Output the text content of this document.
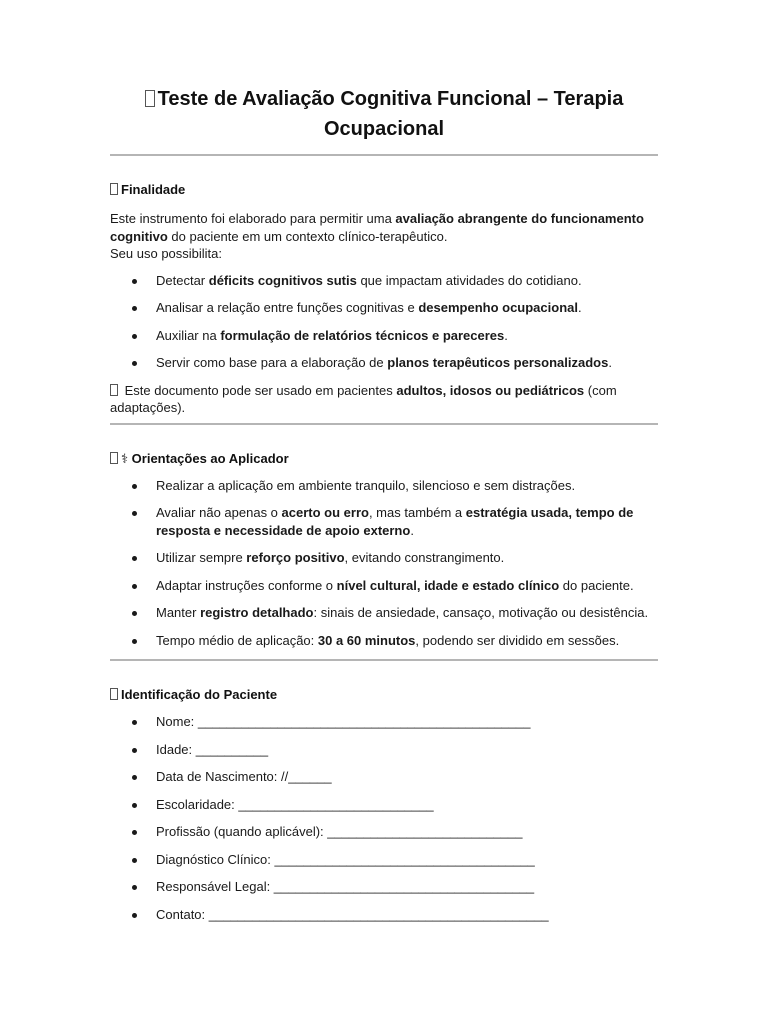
Teste de Avaliação Cognitiva Funcional – Terapia Ocupacional
Finalidade

Este instrumento foi elaborado para permitir uma avaliação abrangente do funcionamento cognitivo do paciente em um contexto clínico-terapêutico.
Seu uso possibilita:

Detectar déficits cognitivos sutis que impactam atividades do cotidiano.
Analisar a relação entre funções cognitivas e desempenho ocupacional.
Auxiliar na formulação de relatórios técnicos e pareceres.
Servir como base para a elaboração de planos terapêuticos personalizados.

Este documento pode ser usado em pacientes adultos, idosos ou pediátricos (com adaptações).

⚕ Orientações ao Aplicador
Realizar a aplicação em ambiente tranquilo, silencioso e sem distrações.
Avaliar não apenas o acerto ou erro, mas também a estratégia usada, tempo de resposta e necessidade de apoio externo.
Utilizar sempre reforço positivo, evitando constrangimento.
Adaptar instruções conforme o nível cultural, idade e estado clínico do paciente.
Manter registro detalhado: sinais de ansiedade, cansaço, motivação ou desistência.
Tempo médio de aplicação: 30 a 60 minutos, podendo ser dividido em sessões.
Identificação do Paciente
Nome: ______________________________________________
Idade: __________
Data de Nascimento: //______
Escolaridade: ___________________________
Profissão (quando aplicável): ___________________________
Diagnóstico Clínico: ____________________________________
Responsável Legal: ____________________________________
Contato: _______________________________________________
